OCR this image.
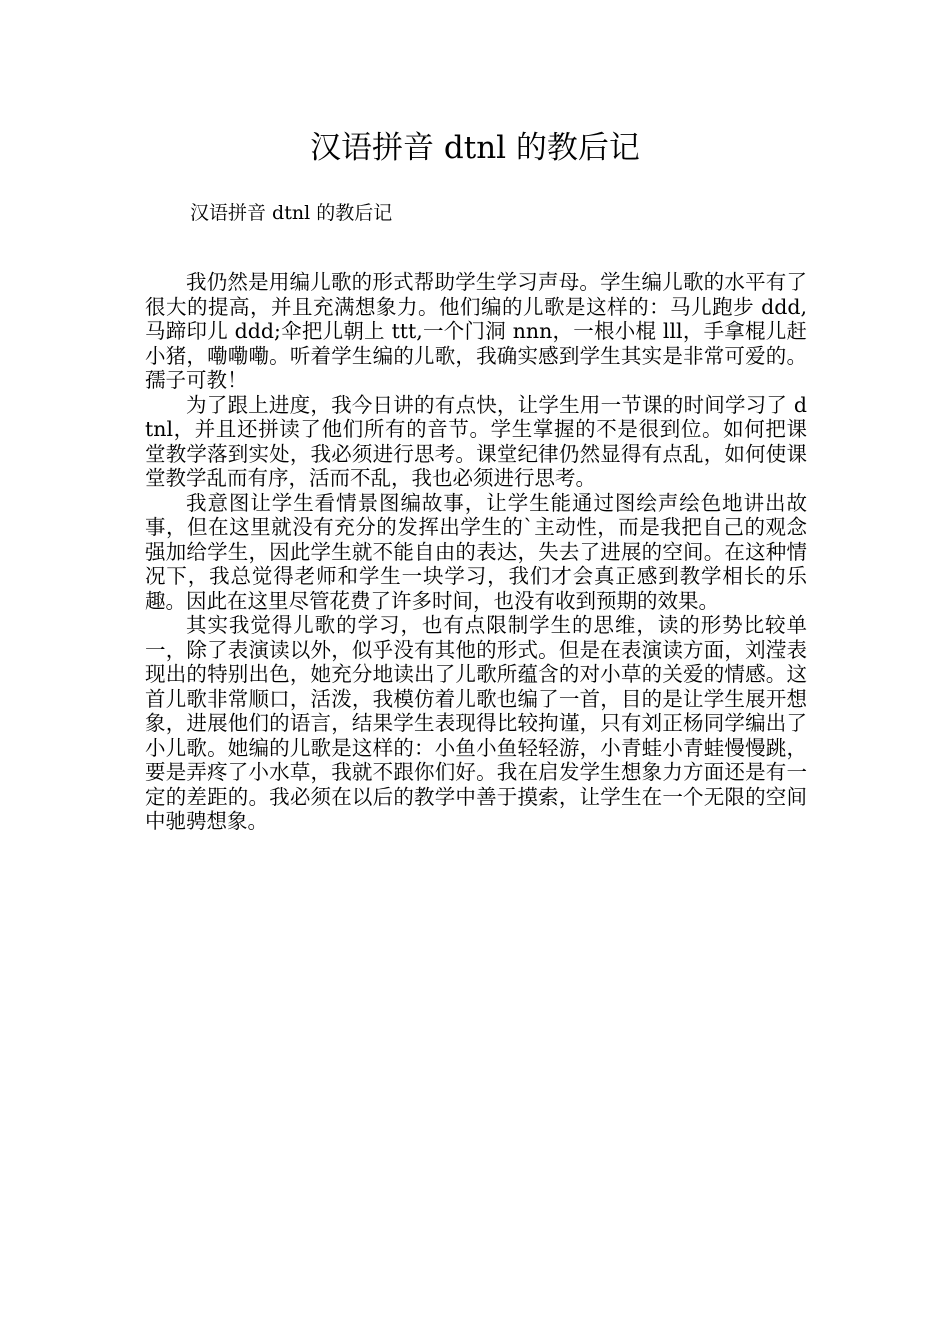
汉语拼音 dtnl 的教后记

汉语拼音 dtnl 的教后记

我仍然是用编儿歌的形式帮助学生学习声母。学生编儿歌的水平有了很大的提高，并且充满想象力。他们编的儿歌是这样的：马儿跑步 ddd,马蹄印儿 ddd;伞把儿朝上 ttt,一个门洞 nnn，一根小棍 lll，手拿棍儿赶小猪，嘞嘞嘞。听着学生编的儿歌，我确实感到学生其实是非常可爱的。孺子可教！

为了跟上进度，我今日讲的有点快，让学生用一节课的时间学习了 dtnl，并且还拼读了他们所有的音节。学生掌握的不是很到位。如何把课堂教学落到实处，我必须进行思考。课堂纪律仍然显得有点乱，如何使课堂教学乱而有序，活而不乱，我也必须进行思考。

我意图让学生看情景图编故事，让学生能通过图绘声绘色地讲出故事，但在这里就没有充分的发挥出学生的`主动性，而是我把自己的观念强加给学生，因此学生就不能自由的表达，失去了进展的空间。在这种情况下，我总觉得老师和学生一块学习，我们才会真正感到教学相长的乐趣。因此在这里尽管花费了许多时间，也没有收到预期的效果。

其实我觉得儿歌的学习，也有点限制学生的思维，读的形势比较单一，除了表演读以外，似乎没有其他的形式。但是在表演读方面，刘滢表现出的特别出色，她充分地读出了儿歌所蕴含的对小草的关爱的情感。这首儿歌非常顺口，活泼，我模仿着儿歌也编了一首，目的是让学生展开想象，进展他们的语言，结果学生表现得比较拘谨，只有刘正杨同学编出了小儿歌。她编的儿歌是这样的：小鱼小鱼轻轻游，小青蛙小青蛙慢慢跳，要是弄疼了小水草，我就不跟你们好。我在启发学生想象力方面还是有一定的差距的。我必须在以后的教学中善于摸索，让学生在一个无限的空间中驰骋想象。
